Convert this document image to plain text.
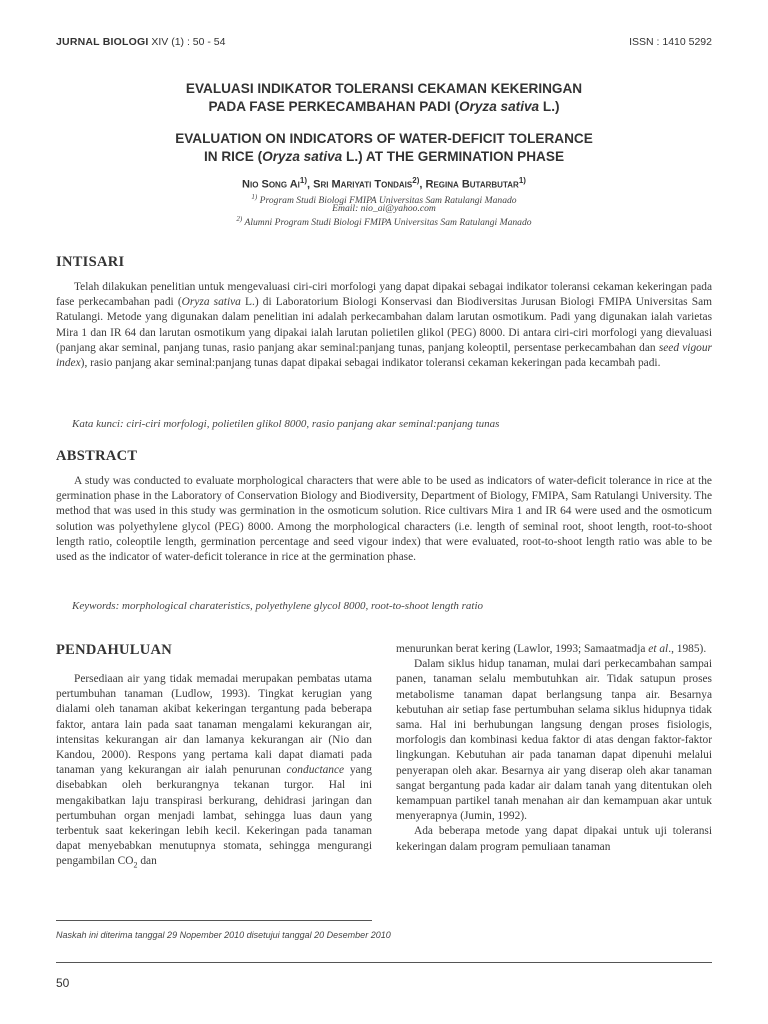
JURNAL BIOLOGI XIV (1) : 50 - 54	ISSN : 1410 5292
EVALUASI INDIKATOR TOLERANSI CEKAMAN KEKERINGAN
PADA FASE PERKECAMBAHAN PADI (Oryza sativa L.)
EVALUATION ON INDICATORS OF WATER-DEFICIT TOLERANCE
IN RICE (Oryza sativa L.) AT THE GERMINATION PHASE
Nio Song Ai$^{1)}$, Sri Mariyati Tondais$^{2)}$, Regina Butarbutar$^{1)}$
$^{1)}$ Program Studi Biologi FMIPA Universitas Sam Ratulangi Manado
Email: nio_ai@yahoo.com
$^{2)}$ Alumni Program Studi Biologi FMIPA Universitas Sam Ratulangi Manado
INTISARI

Telah dilakukan penelitian untuk mengevaluasi ciri-ciri morfologi yang dapat dipakai sebagai indikator toleransi cekaman kekeringan pada fase perkecambahan padi (Oryza sativa L.) di Laboratorium Biologi Konservasi dan Biodiversitas Jurusan Biologi FMIPA Universitas Sam Ratulangi. Metode yang digunakan dalam penelitian ini adalah perkecambahan dalam larutan osmotikum. Padi yang digunakan ialah varietas Mira 1 dan IR 64 dan larutan osmotikum yang dipakai ialah larutan polietilen glikol (PEG) 8000. Di antara ciri-ciri morfologi yang dievaluasi (panjang akar seminal, panjang tunas, rasio panjang akar seminal:panjang tunas, panjang koleoptil, persentase perkecambahan dan seed vigour index), rasio panjang akar seminal:panjang tunas dapat dipakai sebagai indikator toleransi cekaman kekeringan pada kecambah padi.

Kata kunci: ciri-ciri morfologi, polietilen glikol 8000, rasio panjang akar seminal:panjang tunas

ABSTRACT

A study was conducted to evaluate morphological characters that were able to be used as indicators of water-deficit tolerance in rice at the germination phase in the Laboratory of Conservation Biology and Biodiversity, Department of Biology, FMIPA, Sam Ratulangi University. The method that was used in this study was germination in the osmoticum solution. Rice cultivars Mira 1 and IR 64 were used and the osmoticum solution was polyethylene glycol (PEG) 8000. Among the morphological characters (i.e. length of seminal root, shoot length, root-to-shoot length ratio, coleoptile length, germination percentage and seed vigour index) that were evaluated, root-to-shoot length ratio was able to be used as the indicator of water-deficit tolerance in rice at the germination phase.

Keywords: morphological charateristics, polyethylene glycol 8000, root-to-shoot length ratio

PENDAHULUAN

Persediaan air yang tidak memadai merupakan pembatas utama pertumbuhan tanaman (Ludlow, 1993). Tingkat kerugian yang dialami oleh tanaman akibat kekeringan tergantung pada beberapa faktor, antara lain pada saat tanaman mengalami kekurangan air, intensitas kekurangan air dan lamanya kekurangan air (Nio dan Kandou, 2000). Respons yang pertama kali dapat diamati pada tanaman yang kekurangan air ialah penurunan conductance yang disebabkan oleh berkurangnya tekanan turgor. Hal ini mengakibatkan laju transpirasi berkurang, dehidrasi jaringan dan pertumbuhan organ menjadi lambat, sehingga luas daun yang terbentuk saat kekeringan lebih kecil. Kekeringan pada tanaman dapat menyebabkan menutupnya stomata, sehingga mengurangi pengambilan $CO_2$ dan

menurunkan berat kering (Lawlor, 1993; Samaatmadja et al., 1985).

Dalam siklus hidup tanaman, mulai dari perkecambahan sampai panen, tanaman selalu membutuhkan air. Tidak satupun proses metabolisme tanaman dapat berlangsung tanpa air. Besarnya kebutuhan air setiap fase pertumbuhan selama siklus hidupnya tidak sama. Hal ini berhubungan langsung dengan proses fisiologis, morfologis dan kombinasi kedua faktor di atas dengan faktor-faktor lingkungan. Kebutuhan air pada tanaman dapat dipenuhi melalui penyerapan oleh akar. Besarnya air yang diserap oleh akar tanaman sangat bergantung pada kadar air dalam tanah yang ditentukan oleh kemampuan partikel tanah menahan air dan kemampuan akar untuk menyerapnya (Jumin, 1992).

Ada beberapa metode yang dapat dipakai untuk uji toleransi kekeringan dalam program pemuliaan tanaman

Naskah ini diterima tanggal 29 Nopember 2010 disetujui tanggal 20 Desember 2010
50
